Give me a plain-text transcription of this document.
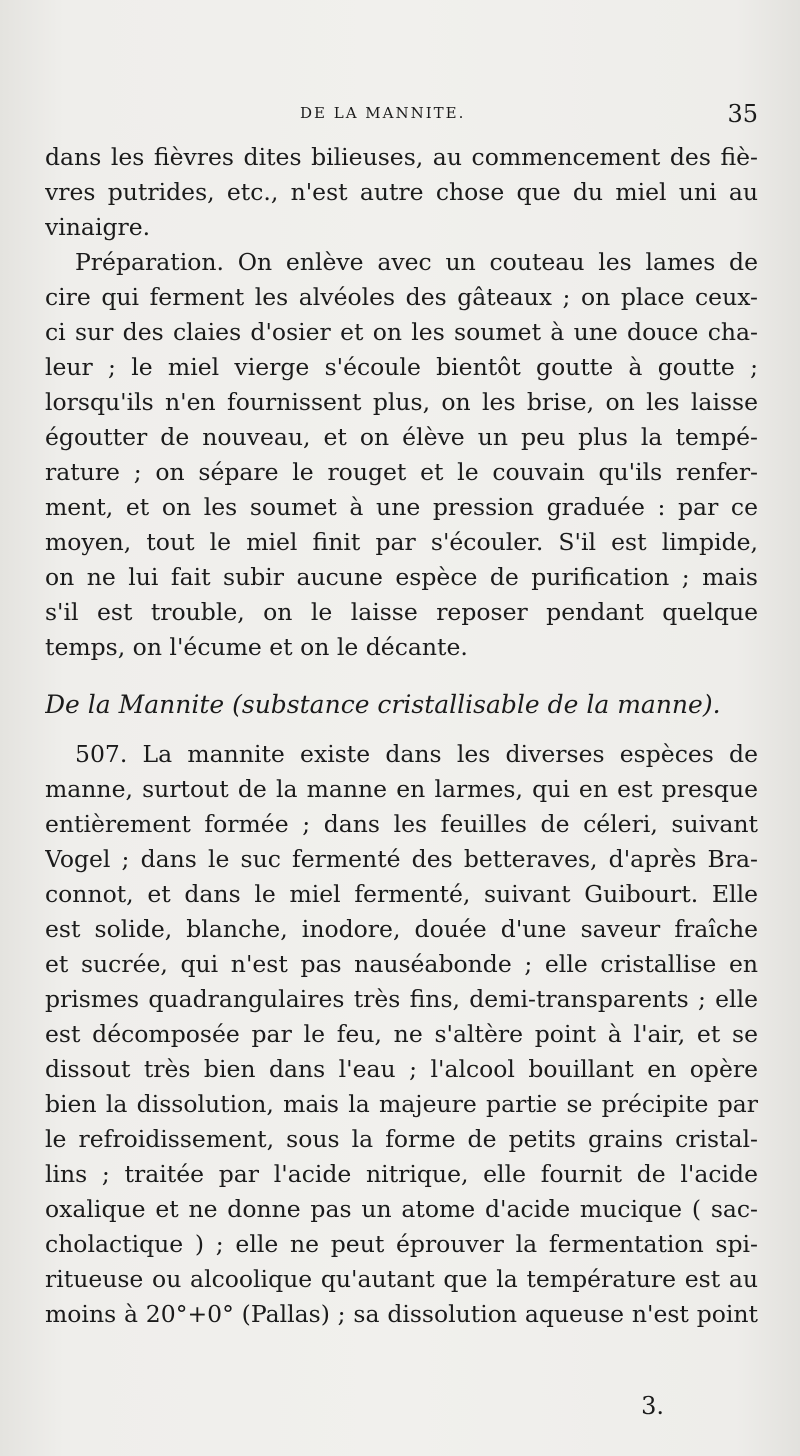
DE LA MANNITE.	35
dans les fièvres dites bilieuses, au commencement des fiè-
vres putrides, etc., n'est autre chose que du miel uni au
vinaigre.
Préparation. On enlève avec un couteau les lames de
cire qui ferment les alvéoles des gâteaux ; on place ceux-
ci sur des claies d'osier et on les soumet à une douce cha-
leur ; le miel vierge s'écoule bientôt goutte à goutte ;
lorsqu'ils n'en fournissent plus, on les brise, on les laisse
égoutter de nouveau, et on élève un peu plus la tempé-
rature ; on sépare le rouget et le couvain qu'ils renfer-
ment, et on les soumet à une pression graduée : par ce
moyen, tout le miel finit par s'écouler. S'il est limpide,
on ne lui fait subir aucune espèce de purification ; mais
s'il est trouble, on le laisse reposer pendant quelque
temps, on l'écume et on le décante.
De la Mannite (substance cristallisable de la manne).
507. La mannite existe dans les diverses espèces de
manne, surtout de la manne en larmes, qui en est presque
entièrement formée ; dans les feuilles de céleri, suivant
Vogel ; dans le suc fermenté des betteraves, d'après Bra-
connot, et dans le miel fermenté, suivant Guibourt. Elle
est solide, blanche, inodore, douée d'une saveur fraîche
et sucrée, qui n'est pas nauséabonde ; elle cristallise en
prismes quadrangulaires très fins, demi-transparents ; elle
est décomposée par le feu, ne s'altère point à l'air, et se
dissout très bien dans l'eau ; l'alcool bouillant en opère
bien la dissolution, mais la majeure partie se précipite par
le refroidissement, sous la forme de petits grains cristal-
lins ; traitée par l'acide nitrique, elle fournit de l'acide
oxalique et ne donne pas un atome d'acide mucique ( sac-
cholactique ) ; elle ne peut éprouver la fermentation spi-
ritueuse ou alcoolique qu'autant que la température est au
moins à 20°+0° (Pallas) ; sa dissolution aqueuse n'est point
3.
